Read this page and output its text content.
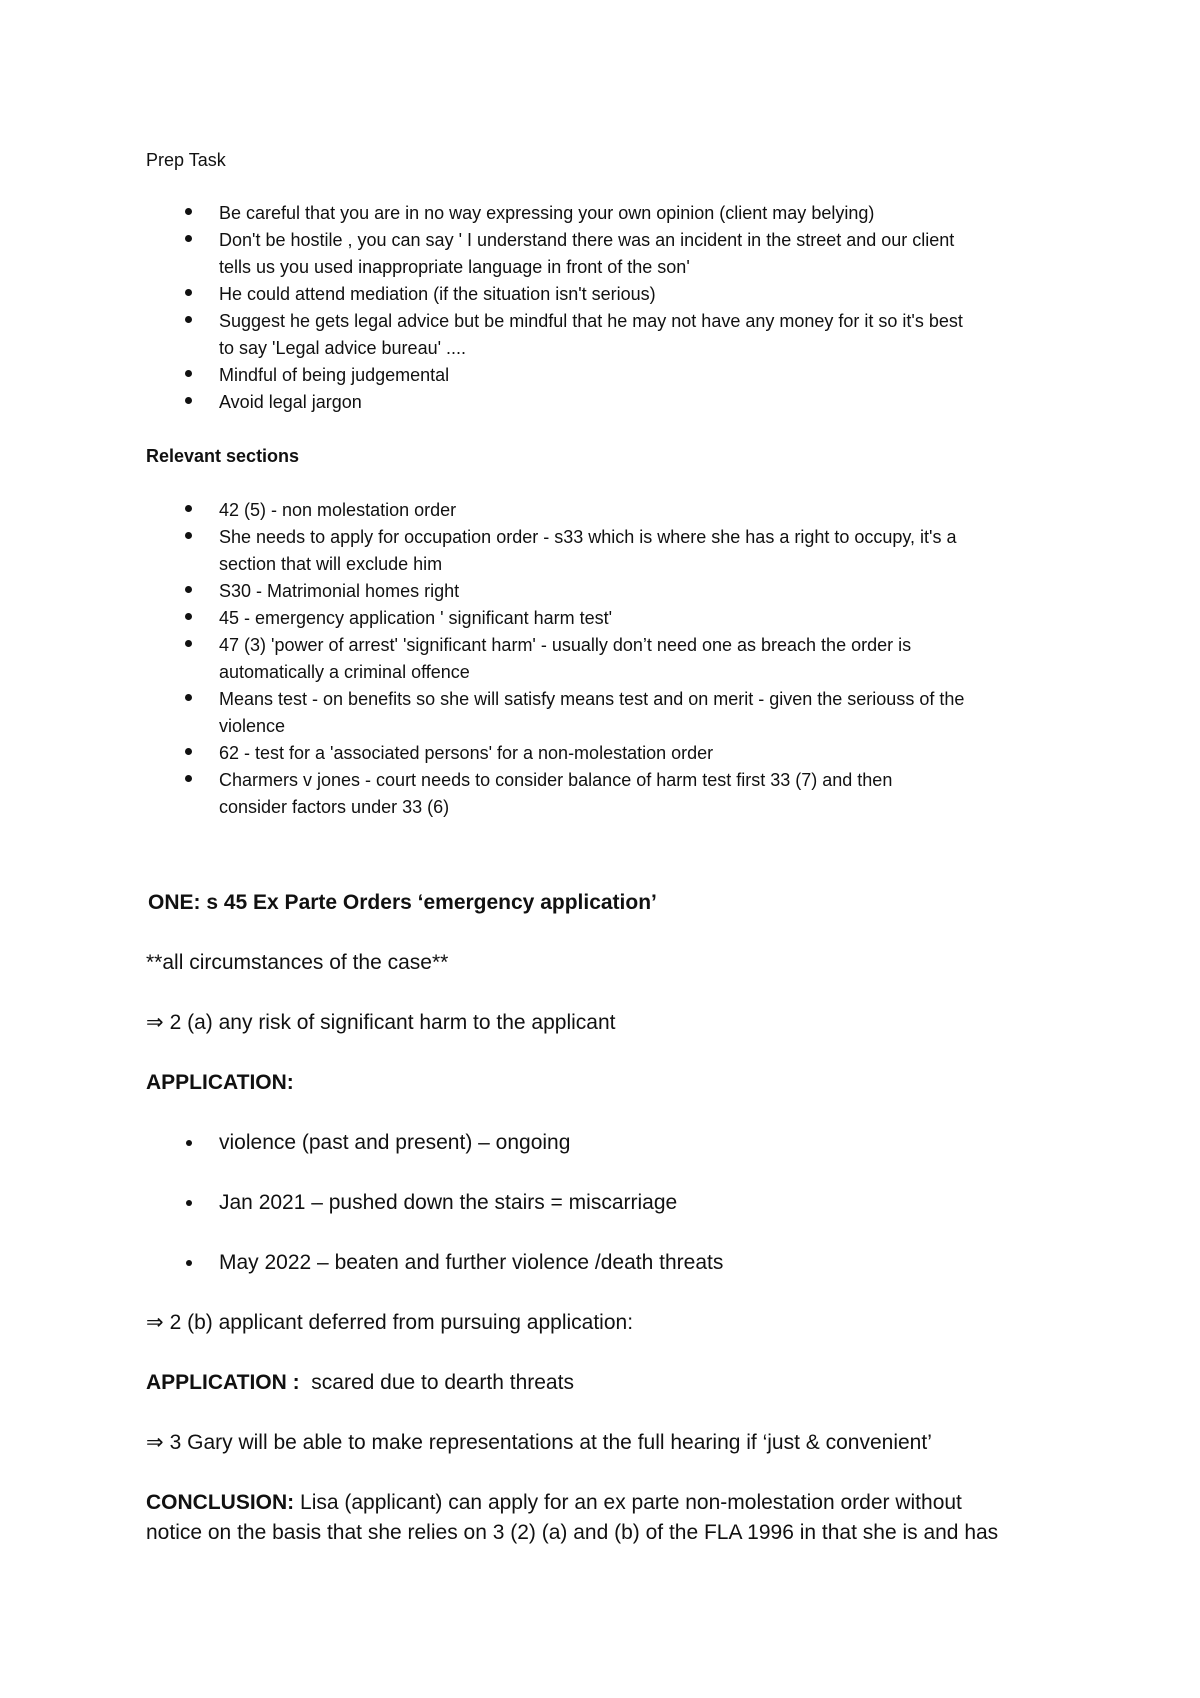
Prep Task
Be careful that you are in no way expressing your own opinion (client may belying)
Don't be hostile , you can say ' I understand there was an incident in the street and our client
tells us you used inappropriate language in front of the son'
He could attend mediation (if the situation isn't serious)
Suggest he gets legal advice but be mindful that he may not have any money for it so it's best
to say 'Legal advice bureau' ....
Mindful of being judgemental
Avoid legal jargon
Relevant sections
42 (5) - non molestation order
She needs to apply for occupation order - s33 which is where she has a right to occupy, it's a
section that will exclude him
S30 - Matrimonial homes right
45 - emergency application ' significant harm test'
47 (3) 'power of arrest' 'significant harm' - usually don’t need one as breach the order is
automatically a criminal offence
Means test - on benefits so she will satisfy means test and on merit - given the seriouss of the
violence
62 - test for a 'associated persons' for a non-molestation order
Charmers v jones - court needs to consider balance of harm test first 33 (7) and then
consider factors under 33 (6)
ONE: s 45 Ex Parte Orders ‘emergency application’
**all circumstances of the case**
⇒ 2 (a) any risk of significant harm to the applicant
APPLICATION:
violence (past and present) – ongoing
Jan 2021 – pushed down the stairs = miscarriage
May 2022 – beaten and further violence /death threats
⇒ 2 (b) applicant deferred from pursuing application:
APPLICATION : scared due to dearth threats
⇒ 3 Gary will be able to make representations at the full hearing if ‘just & convenient’
CONCLUSION: Lisa (applicant) can apply for an ex parte non-molestation order without
notice on the basis that she relies on 3 (2) (a) and (b) of the FLA 1996 in that she is and has
